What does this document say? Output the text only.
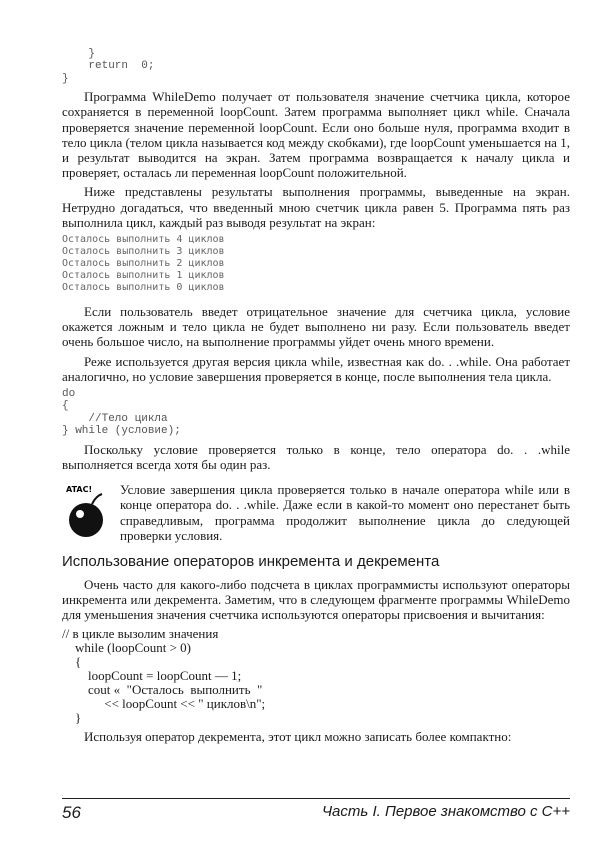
}
return  0;
}

Программа WhileDemo получает от пользователя значение счетчика цикла, которое сохраняется в переменной loopCount. Затем программа выполняет цикл while. Сначала проверяется значение переменной loopCount. Если оно больше нуля, программа входит в тело цикла (телом цикла называется код между скобками), где loopCount уменьшается на 1, и результат выводится на экран. Затем программа возвращается к началу цикла и проверяет, осталась ли переменная loopCount положительной.

Ниже представлены результаты выполнения программы, выведенные на экран. Нетрудно догадаться, что введенный мною счетчик цикла равен 5. Программа пять раз выполнила цикл, каждый раз выводя результат на экран:

Осталось выполнить 4 циклов
Осталось выполнить 3 циклов
Осталось выполнить 2 циклов
Осталось выполнить 1 циклов
Осталось выполнить 0 циклов

Если пользователь введет отрицательное значение для счетчика цикла, условие окажется ложным и тело цикла не будет выполнено ни разу. Если пользователь введет очень большое число, на выполнение программы уйдет очень много времени.

Реже используется другая версия цикла while, известная как do. . .while. Она работает аналогично, но условие завершения проверяется в конце, после выполнения тела цикла.

do
{
//Тело цикла
} while (условие);

Поскольку условие проверяется только в конце, тело оператора do. . .while выполняется всегда хотя бы один раз.

ATAC! Условие завершения цикла проверяется только в начале оператора while или в конце оператора do. . .while. Даже если в какой-то момент оно перестанет быть справедливым, программа продолжит выполнение цикла до следующей проверки условия.
Использование операторов инкремента и декремента

Очень часто для какого-либо подсчета в циклах программисты используют операторы инкремента или декремента. Заметим, что в следующем фрагменте программы WhileDemo для уменьшения значения счетчика используются операторы присвоения и вычитания:

// в цикле вызолим значения
while (loopCount > 0)
{
loopCount = loopCount — 1;
cout «  "Осталось  выполнить  "
<< loopCount << " циклов\n";
}

Используя оператор декремента, этот цикл можно записать более компактно:

56	Часть I. Первое знакомство с С++
